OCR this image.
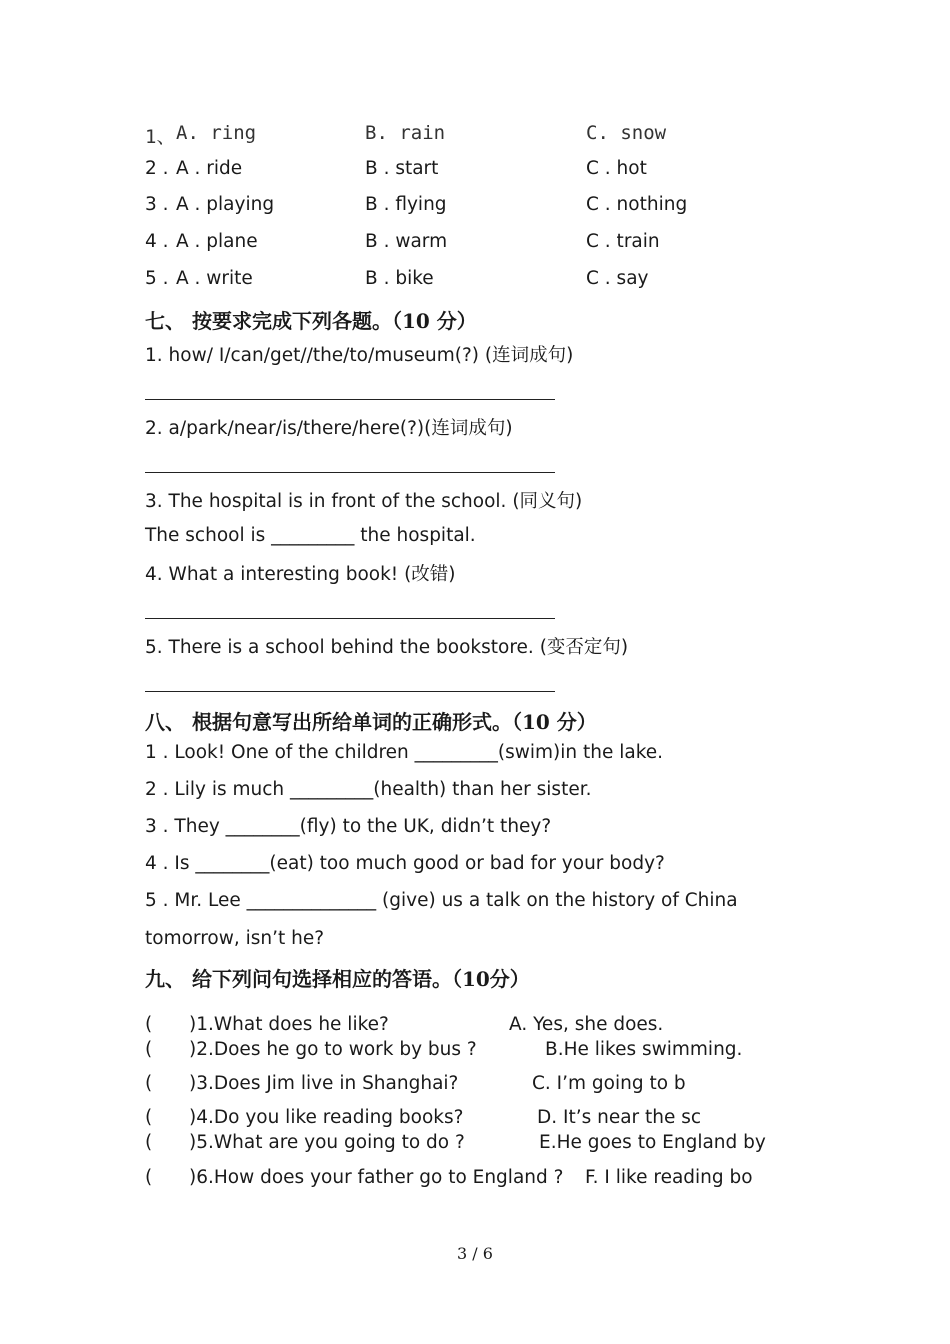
1、 A. ring	B. rain	C. snow
2 . A . ride	B . start	C . hot
3 . A . playing	B . flying	C . nothing
4 . A . plane	B . warm	C . train
5 . A . write	B . bike	C . say
七、 按要求完成下列各题。（10 分）
1. how/ I/can/get//the/to/museum(?) (连词成句)
2. a/park/near/is/there/here(?)(连词成句)
3. The hospital is in front of the school. (同义句)
The school is _________ the hospital.
4. What a interesting book! (改错)
5. There is a school behind the bookstore. (变否定句)
八、 根据句意写出所给单词的正确形式。（10 分）
1 . Look! One of the children _________(swim)in the lake.
2 . Lily is much _________(health) than her sister.
3 . They ________(fly) to the UK, didn’t they?
4 . Is ________(eat) too much good or bad for your body?
5 . Mr. Lee ______________ (give) us a talk on the history of China
tomorrow, isn’t he?
九、 给下列问句选择相应的答语。（10分）
( )1.What does he like?	A. Yes, she does.
( )2.Does he go to work by bus ?	B.He likes swimming.
( )3.Does Jim live in Shanghai?	C. I’m going to b
( )4.Do you like reading books?	D. It’s near the sc
( )5.What are you going to do ?	E.He goes to England by
( )6.How does your father go to England ? F. I like reading bo
3 / 6
